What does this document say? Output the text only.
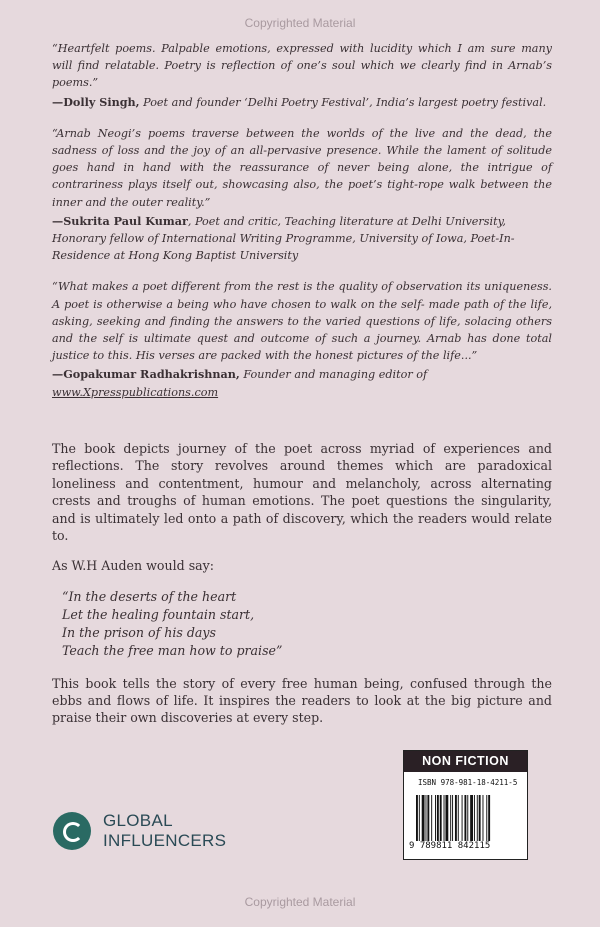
Copyrighted Material

“Heartfelt poems. Palpable emotions, expressed with lucidity which I am sure many will find relatable. Poetry is reflection of one’s soul which we clearly find in Arnab’s poems.”

—Dolly Singh, Poet and founder ‘Delhi Poetry Festival’, India’s largest poetry festival.

“Arnab Neogi’s poems traverse between the worlds of the live and the dead, the sadness of loss and the joy of an all-pervasive presence. While the lament of solitude goes hand in hand with the reassurance of never being alone, the intrigue of contrariness plays itself out, showcasing also, the poet’s tight-rope walk between the inner and the outer reality.”

—Sukrita Paul Kumar, Poet and critic, Teaching literature at Delhi University, Honorary fellow of International Writing Programme, University of Iowa, Poet-In-Residence at Hong Kong Baptist University

“What makes a poet different from the rest is the quality of observation its uniqueness. A poet is otherwise a being who have chosen to walk on the self- made path of the life, asking, seeking and finding the answers to the varied questions of life, solacing others and the self is ultimate quest and outcome of such a journey. Arnab has done total justice to this. His verses are packed with the honest pictures of the life...”

—Gopakumar Radhakrishnan, Founder and managing editor of www.Xpresspublications.com

The book depicts journey of the poet across myriad of experiences and reflections. The story revolves around themes which are paradoxical loneliness and contentment, humour and melancholy, across alternating crests and troughs of human emotions. The poet questions the singularity, and is ultimately led onto a path of discovery, which the readers would relate to.

As W.H Auden would say:

“In the deserts of the heart
Let the healing fountain start,
In the prison of his days
Teach the free man how to praise”

This book tells the story of every free human being, confused through the ebbs and flows of life. It inspires the readers to look at the big picture and praise their own discoveries at every step.

GLOBAL
INFLUENCERS
NON FICTION
ISBN 978-981-18-4211-5
9 789811 842115
Copyrighted Material
